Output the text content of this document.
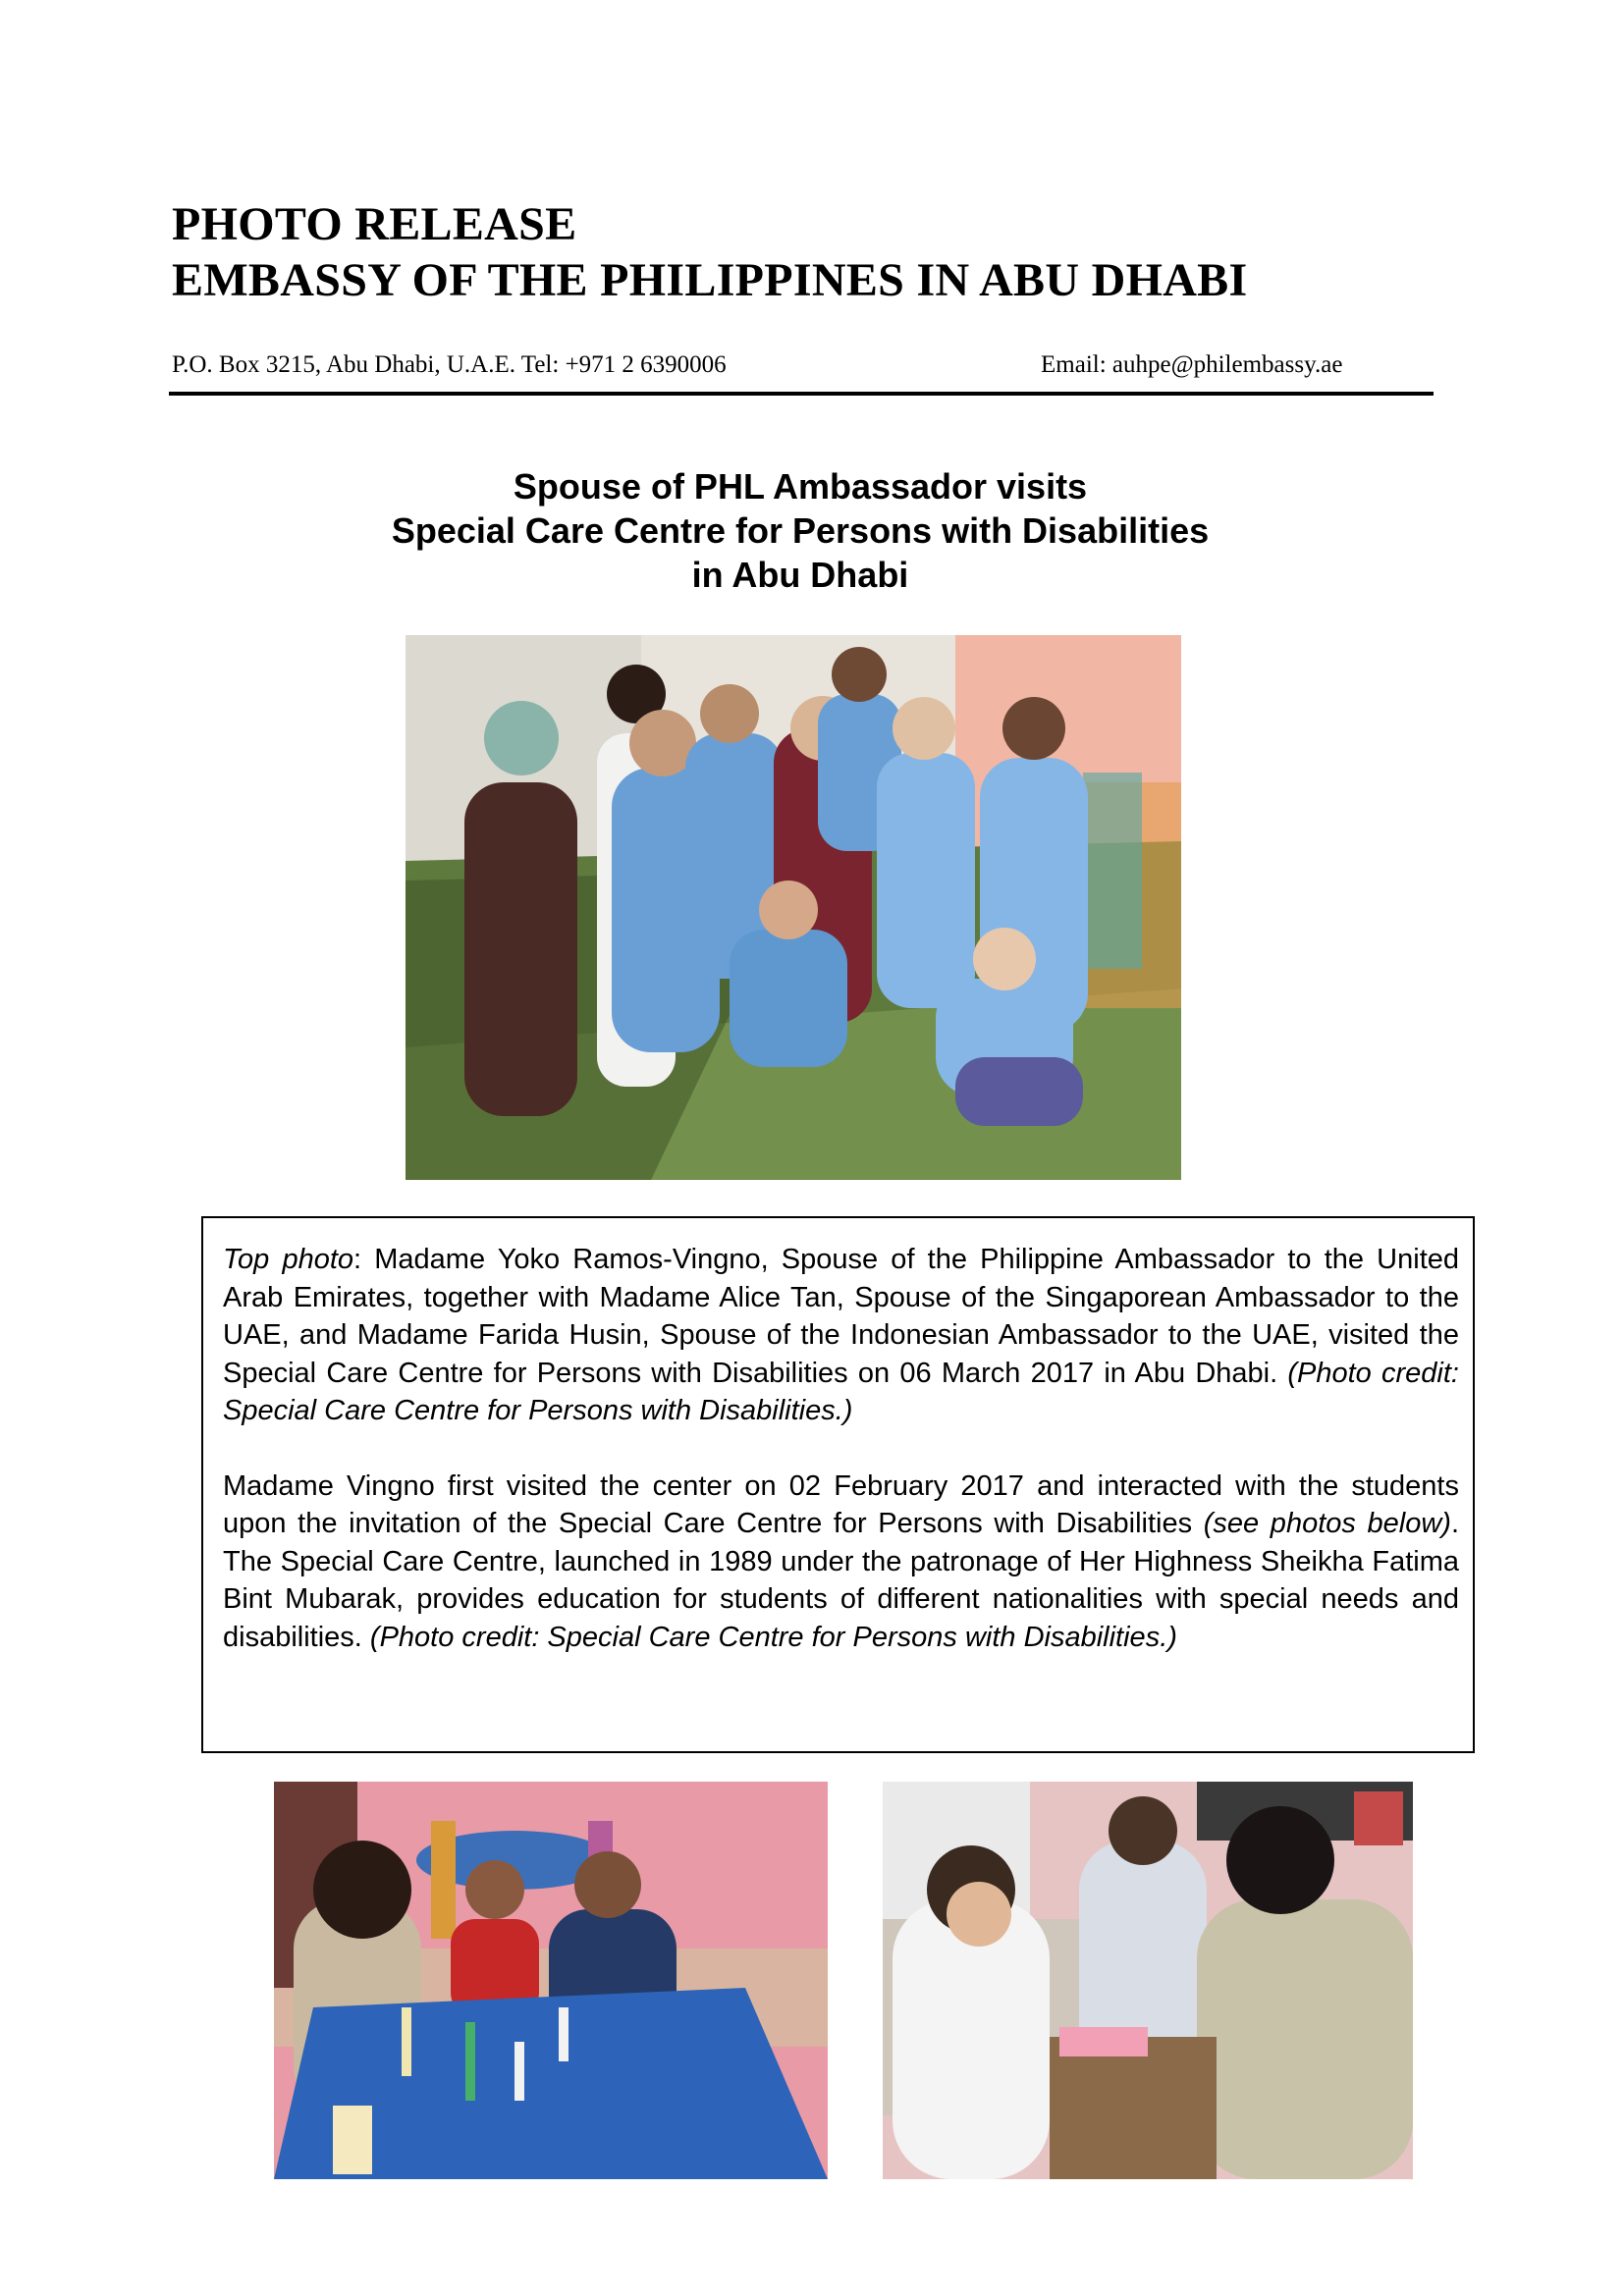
PHOTO RELEASE
EMBASSY OF THE PHILIPPINES IN ABU DHABI
P.O. Box 3215, Abu Dhabi, U.A.E. Tel: +971 2 6390006	Email: auhpe@philembassy.ae
Spouse of PHL Ambassador visits
Special Care Centre for Persons with Disabilities
in Abu Dhabi

Top photo: Madame Yoko Ramos-Vingno, Spouse of the Philippine Ambassador to the United Arab Emirates, together with Madame Alice Tan, Spouse of the Singaporean Ambassador to the UAE, and Madame Farida Husin, Spouse of the Indonesian Ambassador to the UAE, visited the Special Care Centre for Persons with Disabilities on 06 March 2017 in Abu Dhabi. (Photo credit: Special Care Centre for Persons with Disabilities.)

Madame Vingno first visited the center on 02 February 2017 and interacted with the students upon the invitation of the Special Care Centre for Persons with Disabilities (see photos below). The Special Care Centre, launched in 1989 under the patronage of Her Highness Sheikha Fatima Bint Mubarak, provides education for students of different nationalities with special needs and disabilities. (Photo credit: Special Care Centre for Persons with Disabilities.)
